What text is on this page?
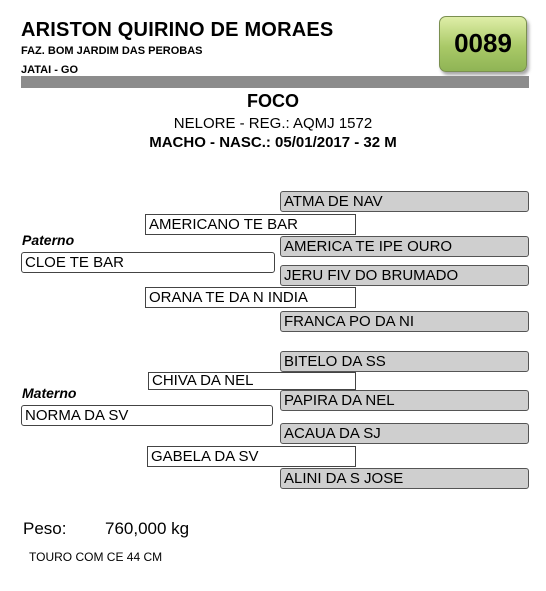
ARISTON QUIRINO DE MORAES
FAZ. BOM JARDIM DAS PEROBAS
JATAI - GO
0089
FOCO
NELORE - REG.: AQMJ 1572
MACHO - NASC.: 05/01/2017 - 32 M
ATMA DE NAV
AMERICANO TE BAR
Paterno	AMERICA TE IPE OURO
CLOE TE BAR
JERU FIV DO BRUMADO
ORANA TE DA N INDIA
FRANCA PO DA NI
BITELO DA SS
CHIVA DA NEL
Materno	PAPIRA DA NEL
NORMA DA SV
ACAUA DA SJ
GABELA DA SV
ALINI DA S JOSE
Peso: 760,000 kg
TOURO COM CE 44 CM
